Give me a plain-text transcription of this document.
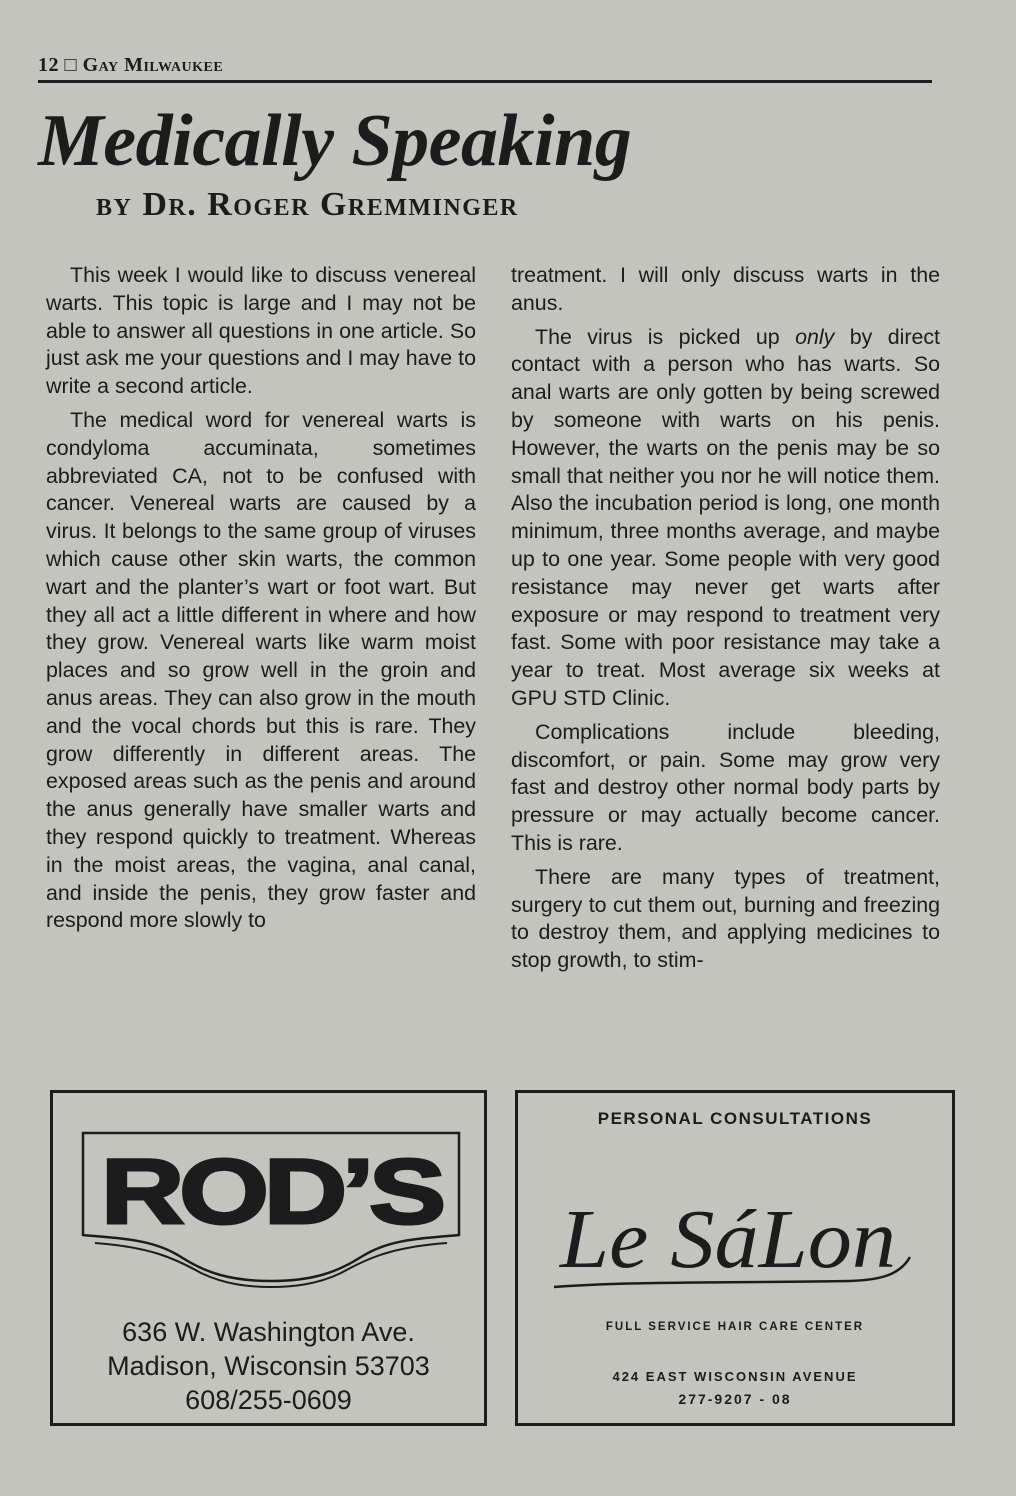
12 □ Gay Milwaukee
Medically Speaking
by Dr. Roger Gremminger

This week I would like to discuss venereal warts. This topic is large and I may not be able to answer all questions in one article. So just ask me your questions and I may have to write a second article.

The medical word for venereal warts is condyloma accuminata, sometimes abbreviated CA, not to be confused with cancer. Venereal warts are caused by a virus. It belongs to the same group of viruses which cause other skin warts, the common wart and the planter’s wart or foot wart. But they all act a little different in where and how they grow. Venereal warts like warm moist places and so grow well in the groin and anus areas. They can also grow in the mouth and the vocal chords but this is rare. They grow differently in different areas. The exposed areas such as the penis and around the anus generally have smaller warts and they respond quickly to treatment. Whereas in the moist areas, the vagina, anal canal, and inside the penis, they grow faster and respond more slowly to

treatment. I will only discuss warts in the anus.

The virus is picked up only by direct contact with a person who has warts. So anal warts are only gotten by being screwed by someone with warts on his penis. However, the warts on the penis may be so small that neither you nor he will notice them. Also the incubation period is long, one month minimum, three months average, and maybe up to one year. Some people with very good resistance may never get warts after exposure or may respond to treatment very fast. Some with poor resistance may take a year to treat. Most average six weeks at GPU STD Clinic.

Complications include bleeding, discomfort, or pain. Some may grow very fast and destroy other normal body parts by pressure or may actually become cancer. This is rare.

There are many types of treatment, surgery to cut them out, burning and freezing to destroy them, and applying medicines to stop growth, to stim-

ROD’S
636 W. Washington Ave.
Madison, Wisconsin 53703
608/255-0609
PERSONAL CONSULTATIONS
Le SáLon
FULL SERVICE HAIR CARE CENTER
424 EAST WISCONSIN AVENUE
277-9207 - 08
